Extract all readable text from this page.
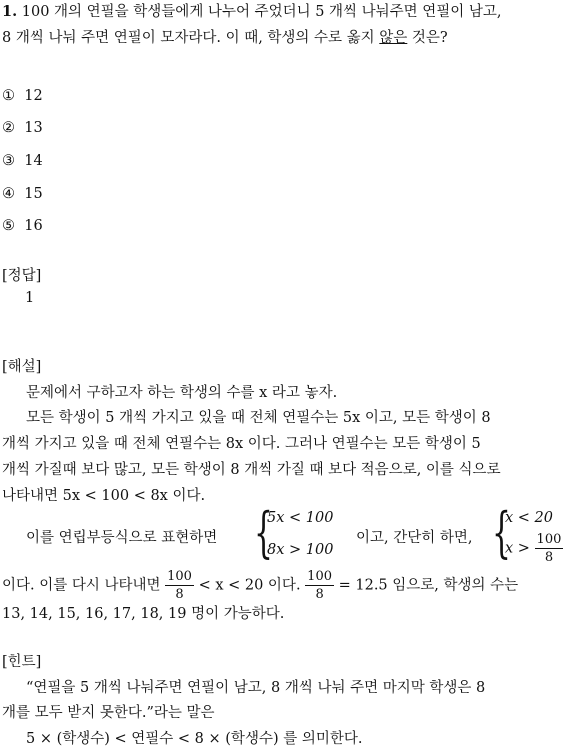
1. 100 개의 연필을 학생들에게 나누어 주었더니 5 개씩 나눠주면 연필이 남고,
8 개씩 나눠 주면 연필이 모자라다. 이 때, 학생의 수로 옳지 않은 것은?
① 12
② 13
③ 14
④ 15
⑤ 16
[정답]
1
[해설]
문제에서 구하고자 하는 학생의 수를 x 라고 놓자.
모든 학생이 5 개씩 가지고 있을 때 전체 연필수는 5x 이고, 모든 학생이 8
개씩 가지고 있을 때 전체 연필수는 8x 이다. 그러나 연필수는 모든 학생이 5
개씩 가질때 보다 많고, 모든 학생이 8 개씩 가질 때 보다 적음으로, 이를 식으로
나타내면 5x < 100 < 8x 이다.
이를 연립부등식으로 표현하면 {
5x < 100
8x > 100
이고, 간단히 하면, {
x < 20
$x > \frac{100}{8}$
이다. 이를 다시 나타내면 $\frac{100}{8} < x < 20$ 이다. $\frac{100}{8} = 12.5$ 임으로, 학생의 수는
13, 14, 15, 16, 17, 18, 19 명이 가능하다.
[힌트]
“연필을 5 개씩 나눠주면 연필이 남고, 8 개씩 나눠 주면 마지막 학생은 8
개를 모두 받지 못한다.”라는 말은
5 × (학생수) < 연필수 < 8 × (학생수) 를 의미한다.
